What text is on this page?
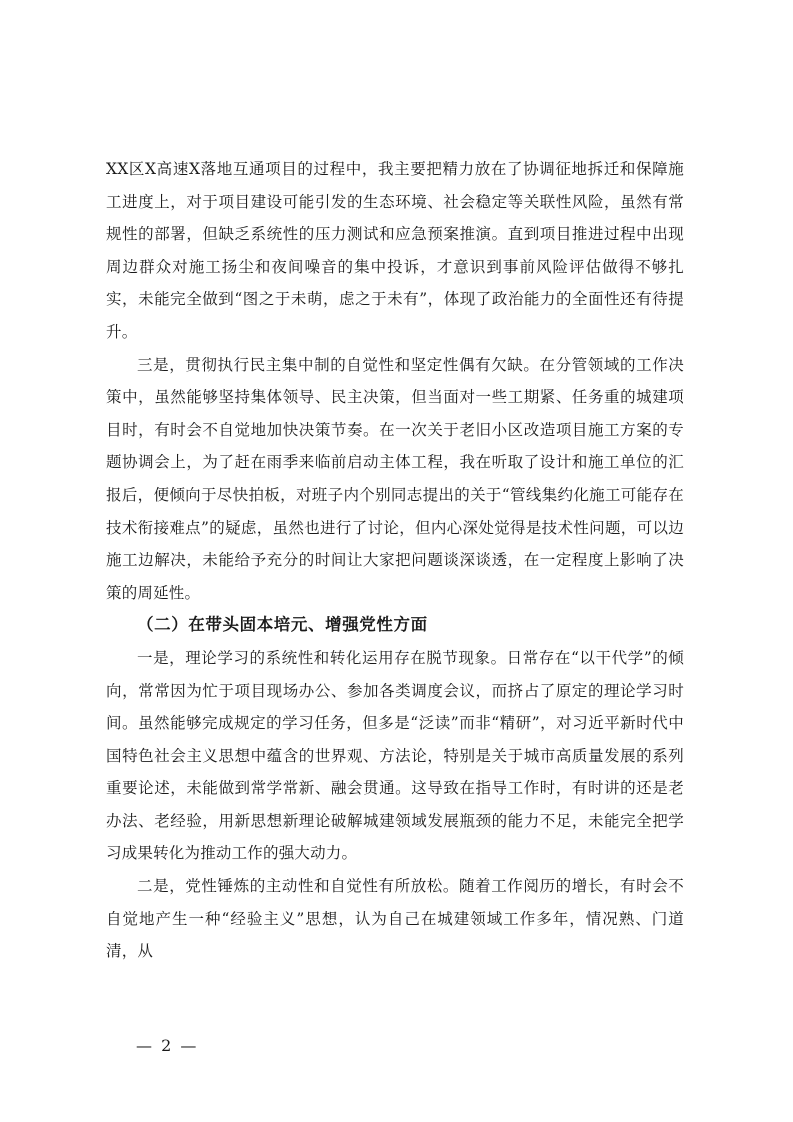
XX区X高速X落地互通项目的过程中，我主要把精力放在了协调征地拆迁和保障施工进度上，对于项目建设可能引发的生态环境、社会稳定等关联性风险，虽然有常规性的部署，但缺乏系统性的压力测试和应急预案推演。直到项目推进过程中出现周边群众对施工扬尘和夜间噪音的集中投诉，才意识到事前风险评估做得不够扎实，未能完全做到“图之于未萌，虑之于未有”，体现了政治能力的全面性还有待提升。

三是，贯彻执行民主集中制的自觉性和坚定性偶有欠缺。在分管领域的工作决策中，虽然能够坚持集体领导、民主决策，但当面对一些工期紧、任务重的城建项目时，有时会不自觉地加快决策节奏。在一次关于老旧小区改造项目施工方案的专题协调会上，为了赶在雨季来临前启动主体工程，我在听取了设计和施工单位的汇报后，便倾向于尽快拍板，对班子内个别同志提出的关于“管线集约化施工可能存在技术衔接难点”的疑虑，虽然也进行了讨论，但内心深处觉得是技术性问题，可以边施工边解决，未能给予充分的时间让大家把问题谈深谈透，在一定程度上影响了决策的周延性。

（二）在带头固本培元、增强党性方面

一是，理论学习的系统性和转化运用存在脱节现象。日常存在“以干代学”的倾向，常常因为忙于项目现场办公、参加各类调度会议，而挤占了原定的理论学习时间。虽然能够完成规定的学习任务，但多是“泛读”而非“精研”，对习近平新时代中国特色社会主义思想中蕴含的世界观、方法论，特别是关于城市高质量发展的系列重要论述，未能做到常学常新、融会贯通。这导致在指导工作时，有时讲的还是老办法、老经验，用新思想新理论破解城建领域发展瓶颈的能力不足，未能完全把学习成果转化为推动工作的强大动力。

二是，党性锤炼的主动性和自觉性有所放松。随着工作阅历的增长，有时会不自觉地产生一种“经验主义”思想，认为自己在城建领域工作多年，情况熟、门道清，从

— 2 —
